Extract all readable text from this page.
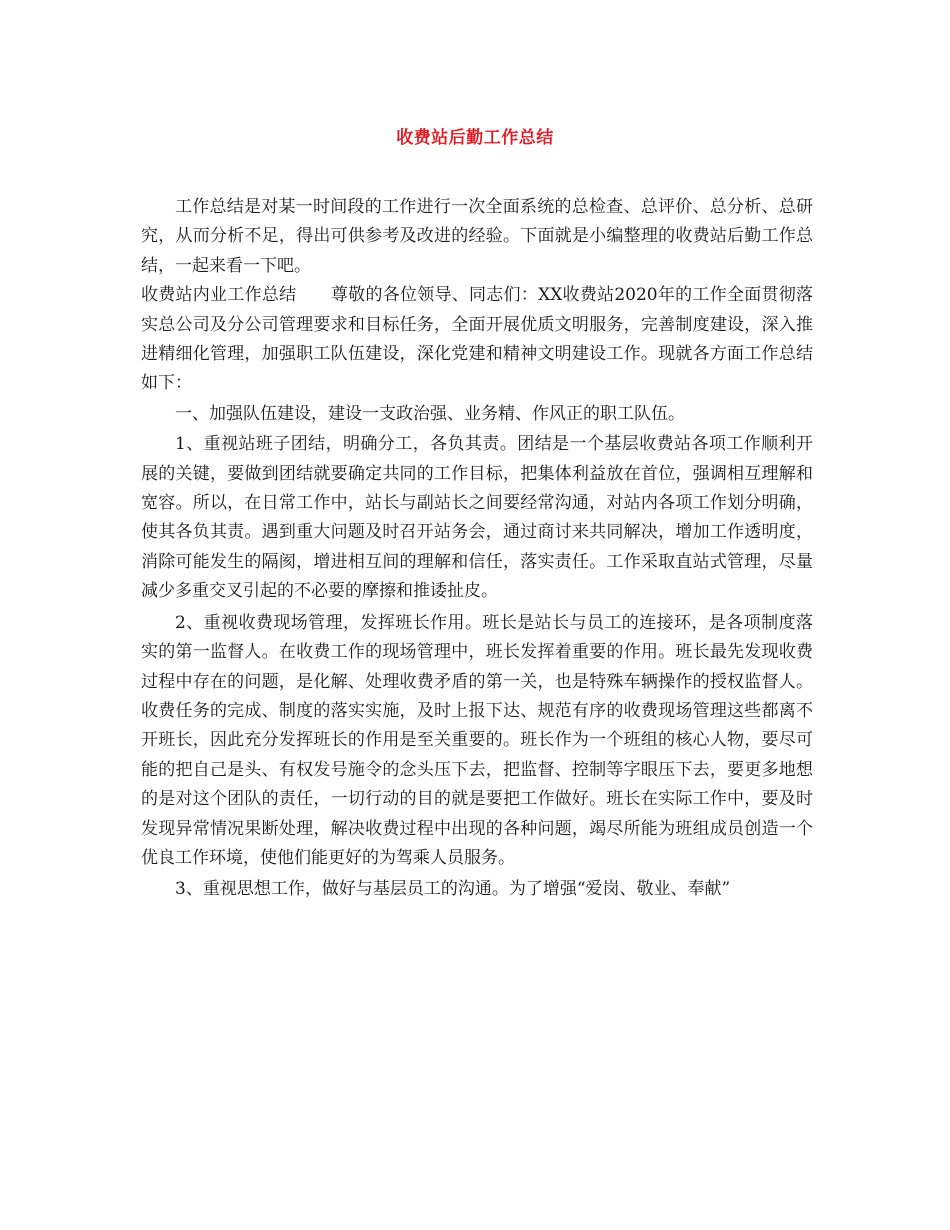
收费站后勤工作总结

工作总结是对某一时间段的工作进行一次全面系统的总检查、总评价、总分析、总研究，从而分析不足，得出可供参考及改进的经验。下面就是小编整理的收费站后勤工作总结，一起来看一下吧。

收费站内业工作总结　　尊敬的各位领导、同志们：XX收费站2020年的工作全面贯彻落实总公司及分公司管理要求和目标任务，全面开展优质文明服务，完善制度建设，深入推进精细化管理，加强职工队伍建设，深化党建和精神文明建设工作。现就各方面工作总结如下：

一、加强队伍建设，建设一支政治强、业务精、作风正的职工队伍。

1、重视站班子团结，明确分工，各负其责。团结是一个基层收费站各项工作顺利开展的关键，要做到团结就要确定共同的工作目标，把集体利益放在首位，强调相互理解和宽容。所以，在日常工作中，站长与副站长之间要经常沟通，对站内各项工作划分明确，使其各负其责。遇到重大问题及时召开站务会，通过商讨来共同解决，增加工作透明度，消除可能发生的隔阂，增进相互间的理解和信任，落实责任。工作采取直站式管理，尽量减少多重交叉引起的不必要的摩擦和推诿扯皮。

2、重视收费现场管理，发挥班长作用。班长是站长与员工的连接环，是各项制度落实的第一监督人。在收费工作的现场管理中，班长发挥着重要的作用。班长最先发现收费过程中存在的问题，是化解、处理收费矛盾的第一关，也是特殊车辆操作的授权监督人。收费任务的完成、制度的落实实施，及时上报下达、规范有序的收费现场管理这些都离不开班长，因此充分发挥班长的作用是至关重要的。班长作为一个班组的核心人物，要尽可能的把自己是头、有权发号施令的念头压下去，把监督、控制等字眼压下去，要更多地想的是对这个团队的责任，一切行动的目的就是要把工作做好。班长在实际工作中，要及时发现异常情况果断处理，解决收费过程中出现的各种问题，竭尽所能为班组成员创造一个优良工作环境，使他们能更好的为驾乘人员服务。

3、重视思想工作，做好与基层员工的沟通。为了增强“爱岗、敬业、奉献”
